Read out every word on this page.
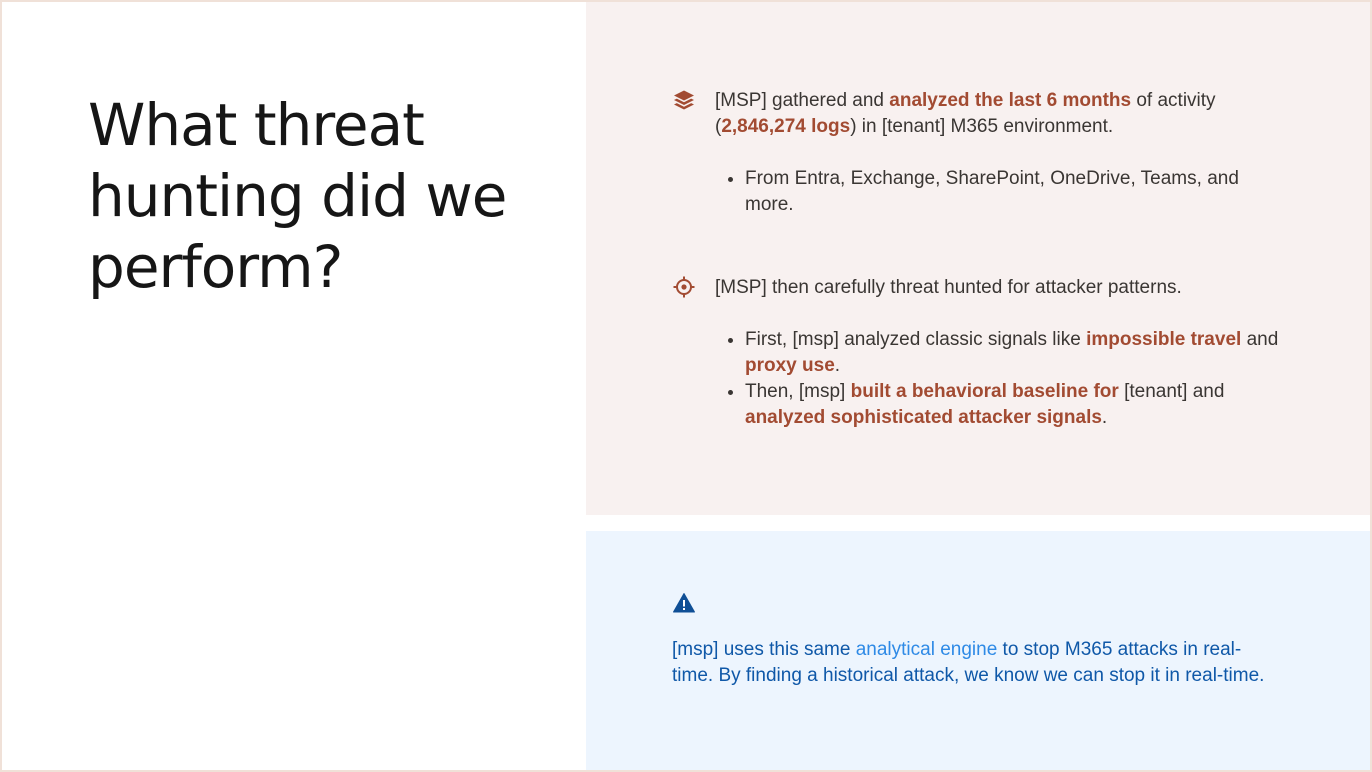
What threat hunting did we perform?

[MSP] gathered and analyzed the last 6 months of activity (2,846,274 logs) in [tenant] M365 environment.

• From Entra, Exchange, SharePoint, OneDrive, Teams, and more.

[MSP] then carefully threat hunted for attacker patterns.

• First, [msp] analyzed classic signals like impossible travel and proxy use.
• Then, [msp] built a behavioral baseline for [tenant] and analyzed sophisticated attacker signals.

[msp] uses this same analytical engine to stop M365 attacks in real-time. By finding a historical attack, we know we can stop it in real-time.
